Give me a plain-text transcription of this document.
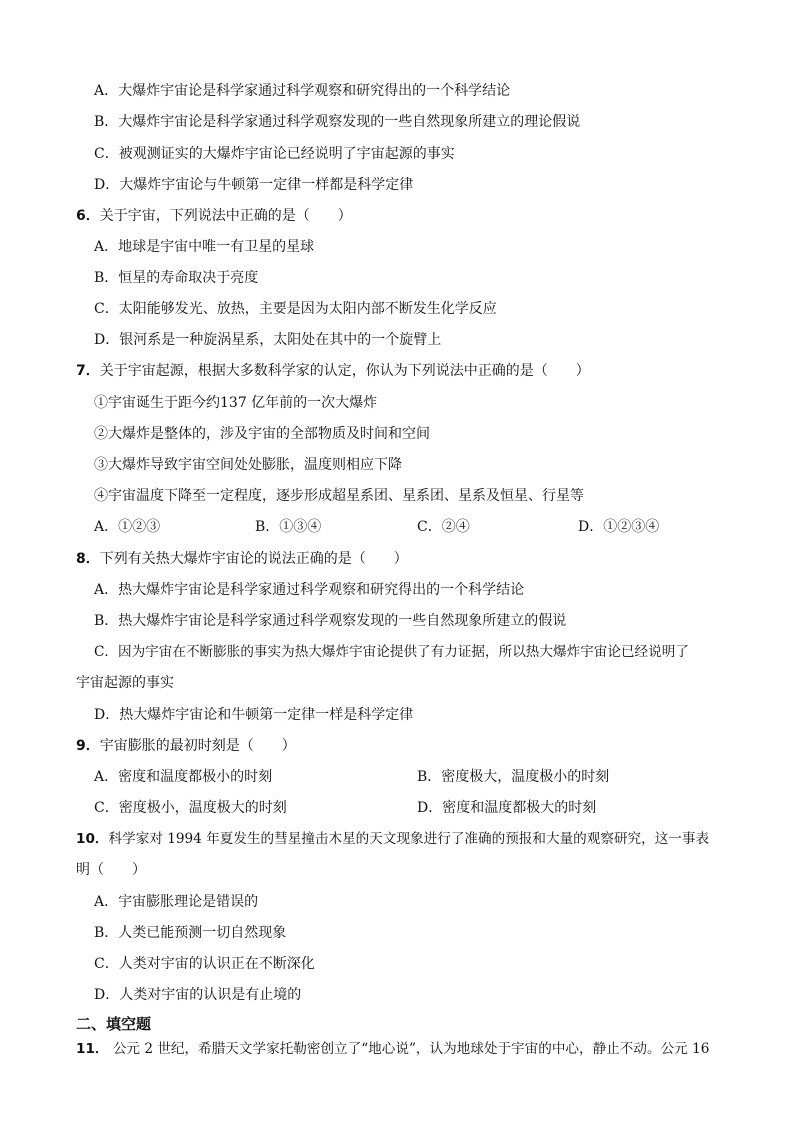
A．大爆炸宇宙论是科学家通过科学观察和研究得出的一个科学结论
B．大爆炸宇宙论是科学家通过科学观察发现的一些自然现象所建立的理论假说
C．被观测证实的大爆炸宇宙论已经说明了宇宙起源的事实
D．大爆炸宇宙论与牛顿第一定律一样都是科学定律
6．关于宇宙，下列说法中正确的是（　　）
A．地球是宇宙中唯一有卫星的星球
B．恒星的寿命取决于亮度
C．太阳能够发光、放热，主要是因为太阳内部不断发生化学反应
D．银河系是一种旋涡星系，太阳处在其中的一个旋臂上
7．关于宇宙起源，根据大多数科学家的认定，你认为下列说法中正确的是（　　）
①宇宙诞生于距今约137 亿年前的一次大爆炸
②大爆炸是整体的，涉及宇宙的全部物质及时间和空间
③大爆炸导致宇宙空间处处膨胀，温度则相应下降
④宇宙温度下降至一定程度，逐步形成超星系团、星系团、星系及恒星、行星等
A．①②③	B．①③④	C．②④	D．①②③④
8．下列有关热大爆炸宇宙论的说法正确的是（　　）
A．热大爆炸宇宙论是科学家通过科学观察和研究得出的一个科学结论
B．热大爆炸宇宙论是科学家通过科学观察发现的一些自然现象所建立的假说
C．因为宇宙在不断膨胀的事实为热大爆炸宇宙论提供了有力证据，所以热大爆炸宇宙论已经说明了
宇宙起源的事实
D．热大爆炸宇宙论和牛顿第一定律一样是科学定律
9．宇宙膨胀的最初时刻是（　　）
A．密度和温度都极小的时刻	B．密度极大，温度极小的时刻
C．密度极小，温度极大的时刻	D．密度和温度都极大的时刻
10．科学家对 1994 年夏发生的彗星撞击木星的天文现象进行了准确的预报和大量的观察研究，这一事表
明（　　）
A．宇宙膨胀理论是错误的
B．人类已能预测一切自然现象
C．人类对宇宙的认识正在不断深化
D．人类对宇宙的认识是有止境的
二、填空题
11． 公元 2 世纪，希腊天文学家托勒密创立了“地心说”，认为地球处于宇宙的中心，静止不动。公元 16
